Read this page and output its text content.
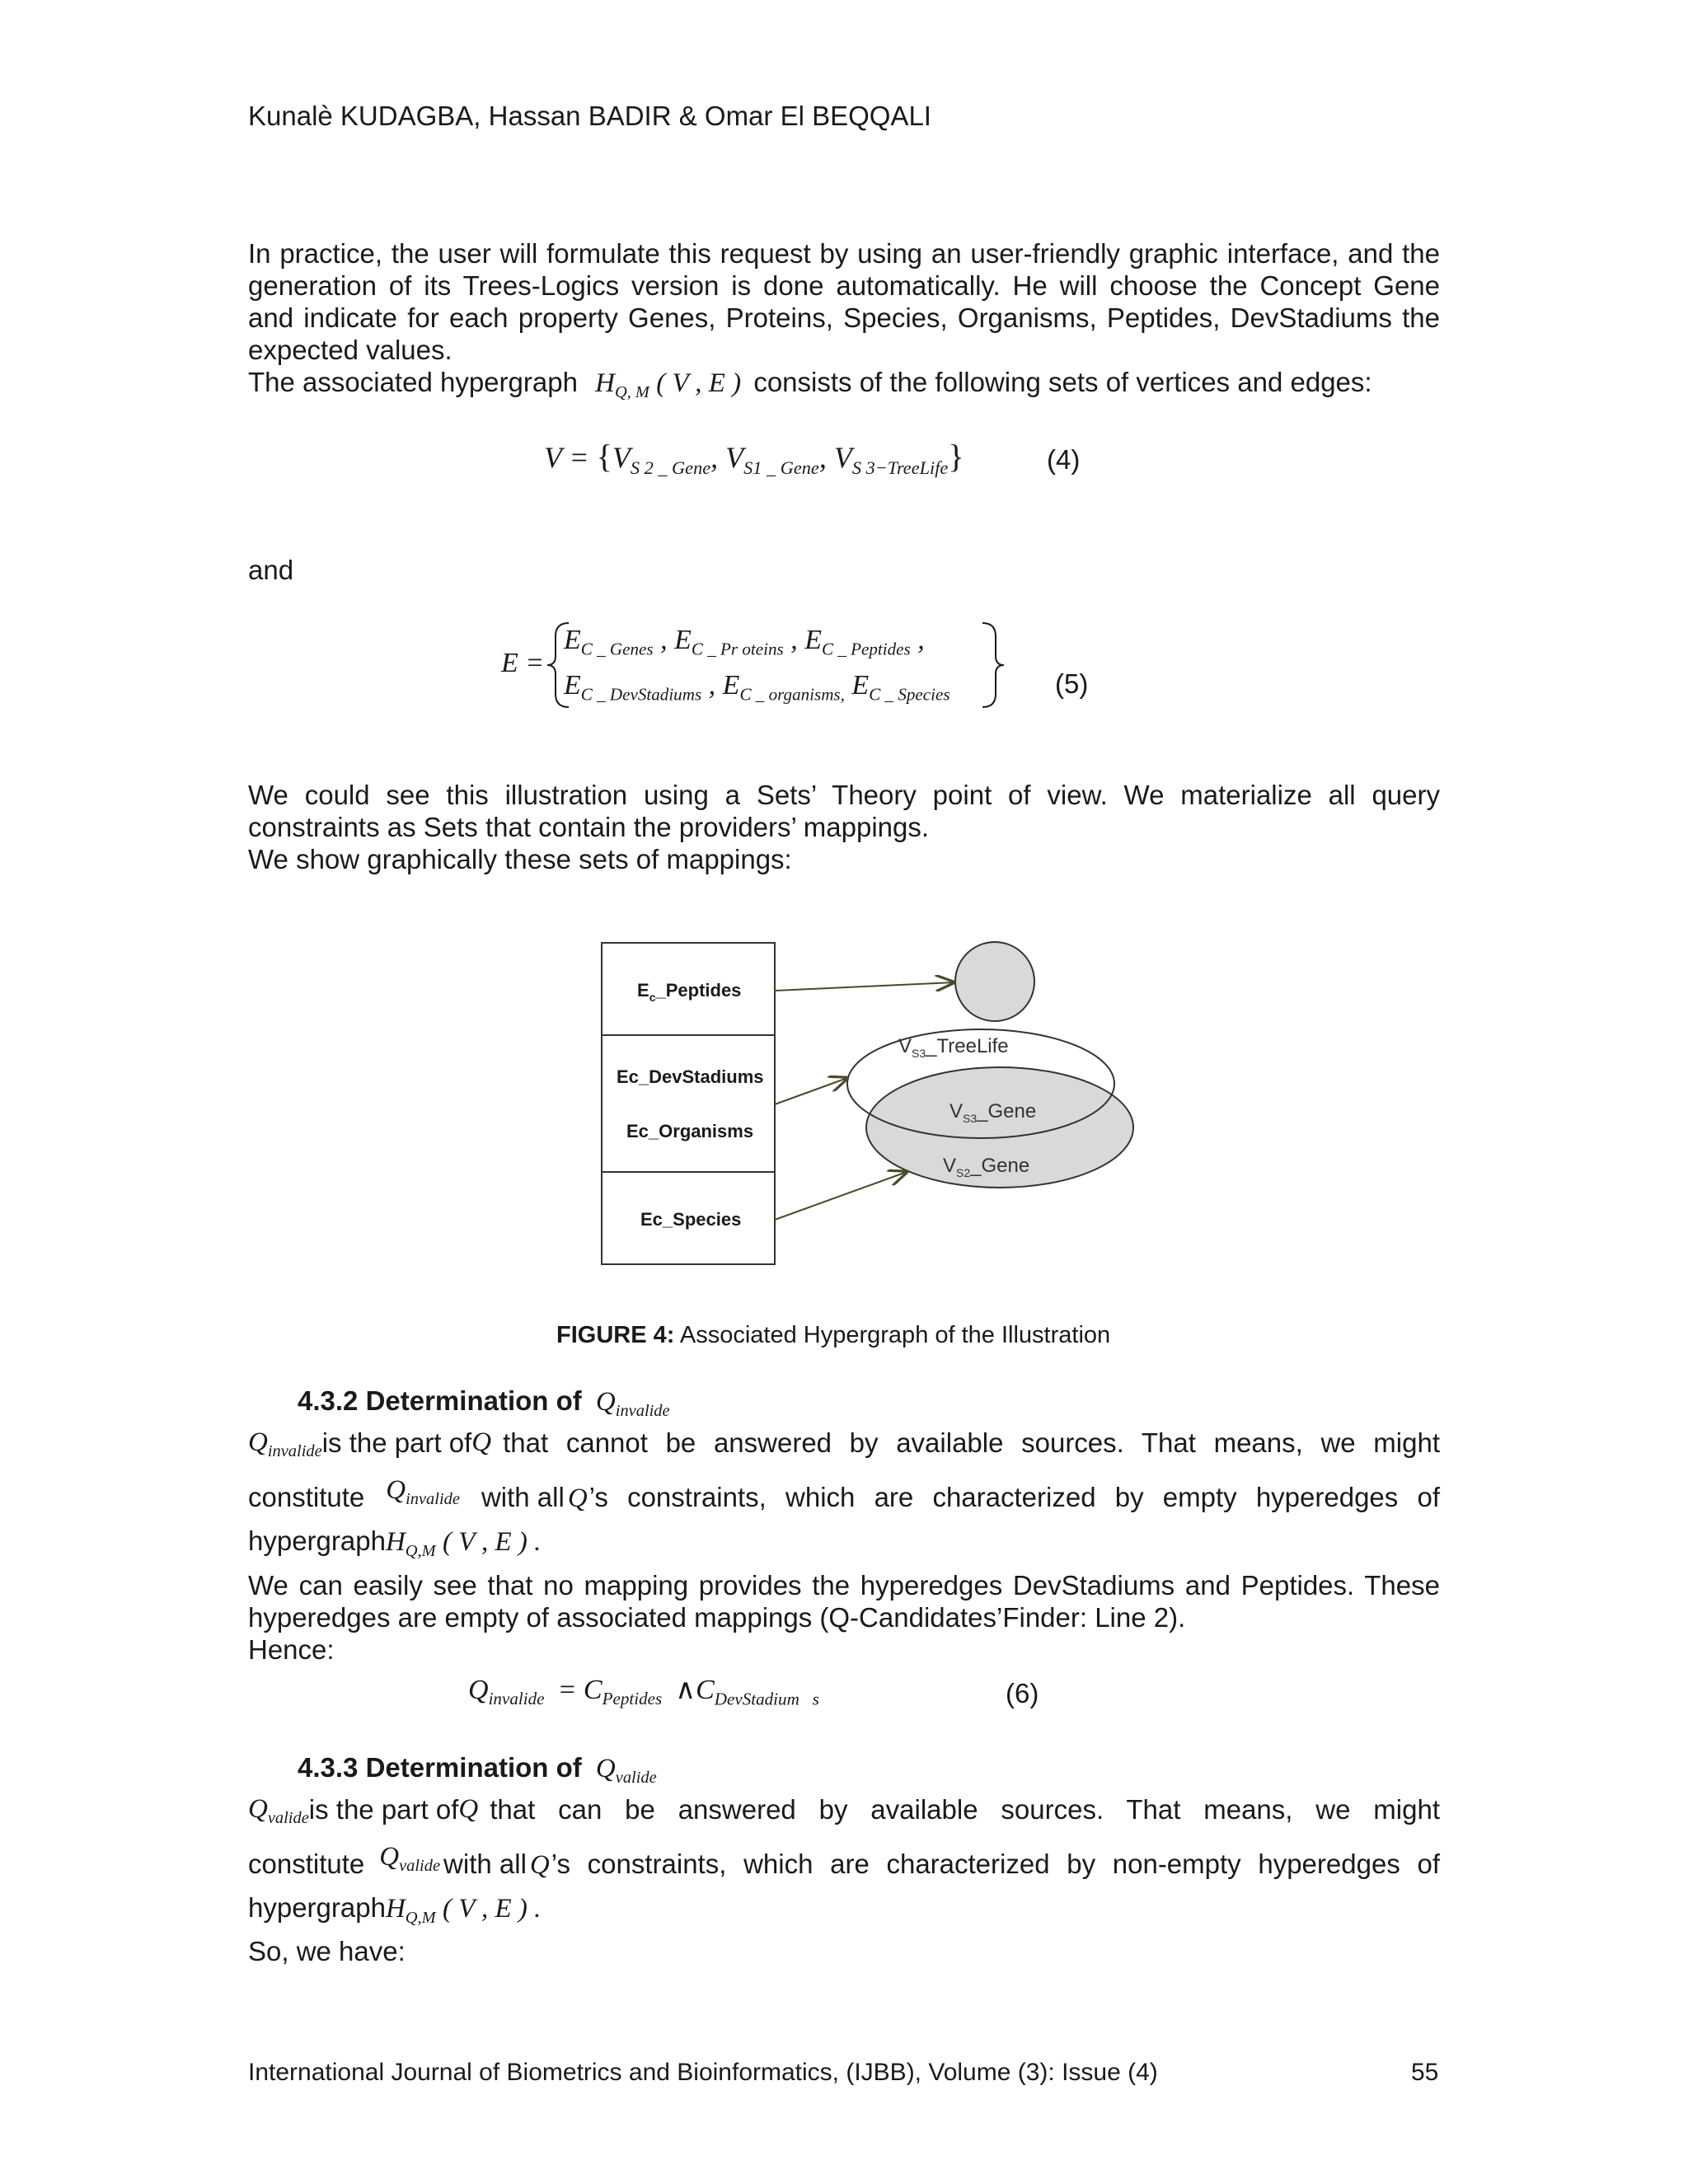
Kunalè KUDAGBA, Hassan BADIR & Omar El BEQQALI
In practice, the user will formulate this request by using an user-friendly graphic interface, and the
generation of its Trees-Logics version is done automatically. He will choose the Concept Gene
and indicate for each property Genes, Proteins, Species, Organisms, Peptides, DevStadiums the
expected values.
The associated hypergraph $H_{Q, M}$ ( V , E ) consists of the following sets of vertices and edges:
$V = \{V_{S 2 \_ Gene}$, $V_{S1 \_ Gene}$, $V_{S 3-TreeLife}$}	(4)
and
E =
$E_{C \_ Genes}$ , $E_{C \_ Pr oteins}$ , $E_{C \_ Peptides}$ ,
$E_{C \_ DevStadiums}$ , $E_{C \_ organisms,}$ $E_{C \_ Species}$	(5)
We could see this illustration using a Sets’ Theory point of view. We materialize all query
constraints as Sets that contain the providers’ mappings.
We show graphically these sets of mappings:
$E_c\_Peptides$
Ec_DevStadiums
Ec_Organisms
Ec_Species
$V_{S3}\_TreeLife$
$V_{S3}\_Gene$
$V_{S2}\_Gene$
FIGURE 4: Associated Hypergraph of the Illustration
4.3.2 Determination of $Q_{invalide}$
$Q_{invalide}$ is the part of Q that cannot be answered by available sources. That means, we might
constitute $Q_{invalide}$ with all Q ’s constraints, which are characterized by empty hyperedges of
hypergraphH$_{Q,M}$ ( V , E ) .
We can easily see that no mapping provides the hyperedges DevStadiums and Peptides. These
hyperedges are empty of associated mappings (Q-Candidates’Finder: Line 2).
Hence:
$Q_{invalide} = C_{Peptides}$ $\wedge C_{DevStadium s}$	(6)
4.3.3 Determination of $Q_{valide}$
$Q_{valide}$ is the part of Q that can be answered by available sources. That means, we might
constitute $Q_{valide}$ with all Q ’s constraints, which are characterized by non-empty hyperedges of
hypergraphH$_{Q,M}$ ( V , E ) .
So, we have:
International Journal of Biometrics and Bioinformatics, (IJBB), Volume (3): Issue (4)	55
